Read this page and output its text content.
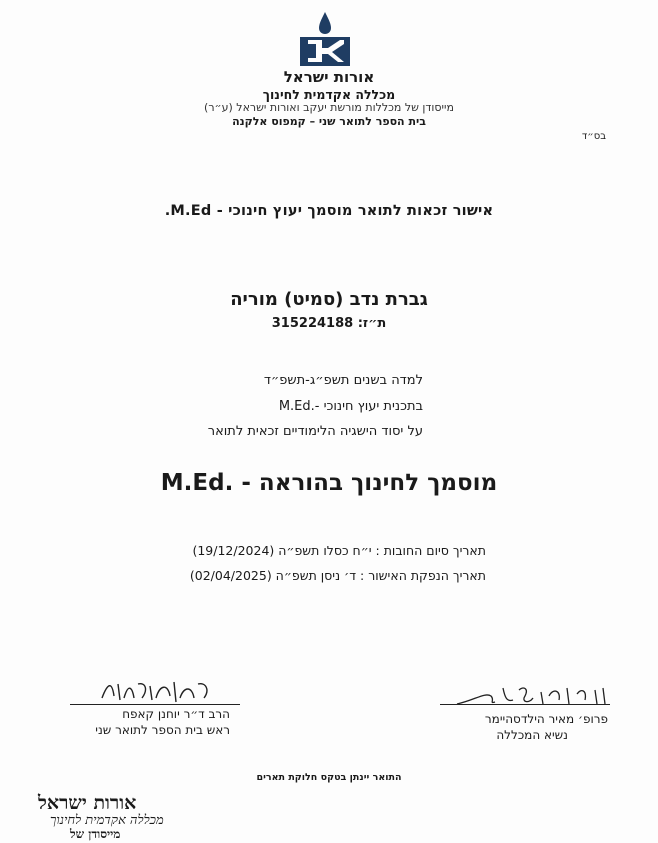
אורות ישראל
מכללה אקדמית לחינוך
מייסודן של מכללות מורשת יעקב ואורות ישראל (ע״ר)
בית הספר לתואר שני – קמפוס אלקנה
בס״ד
אישור זכאות לתואר מוסמך יעוץ חינוכי - M.Ed.
גברת נדב (סמיט) מוריה
ת״ז: 315224188
למדה בשנים תשפ״ג-תשפ״ד
בתכנית יעוץ חינוכי -.M.Ed
על יסוד הישגיה הלימודיים זכאית לתואר
מוסמך לחינוך בהוראה - .M.Ed
תאריך סיום החובות : י״ח כסלו תשפ״ה (19/12/2024)
תאריך הנפקת האישור : ד׳ ניסן תשפ״ה (02/04/2025)
הרב ד״ר יוחנן קאפח
ראש בית הספר לתואר שני
פרופ׳ מאיר הילדסהיימר
נשיא המכללה
התואר יינתן בטקס חלוקת תארים
אורות ישראל
מכללה אקדמית לחינוך
מייסודן של
